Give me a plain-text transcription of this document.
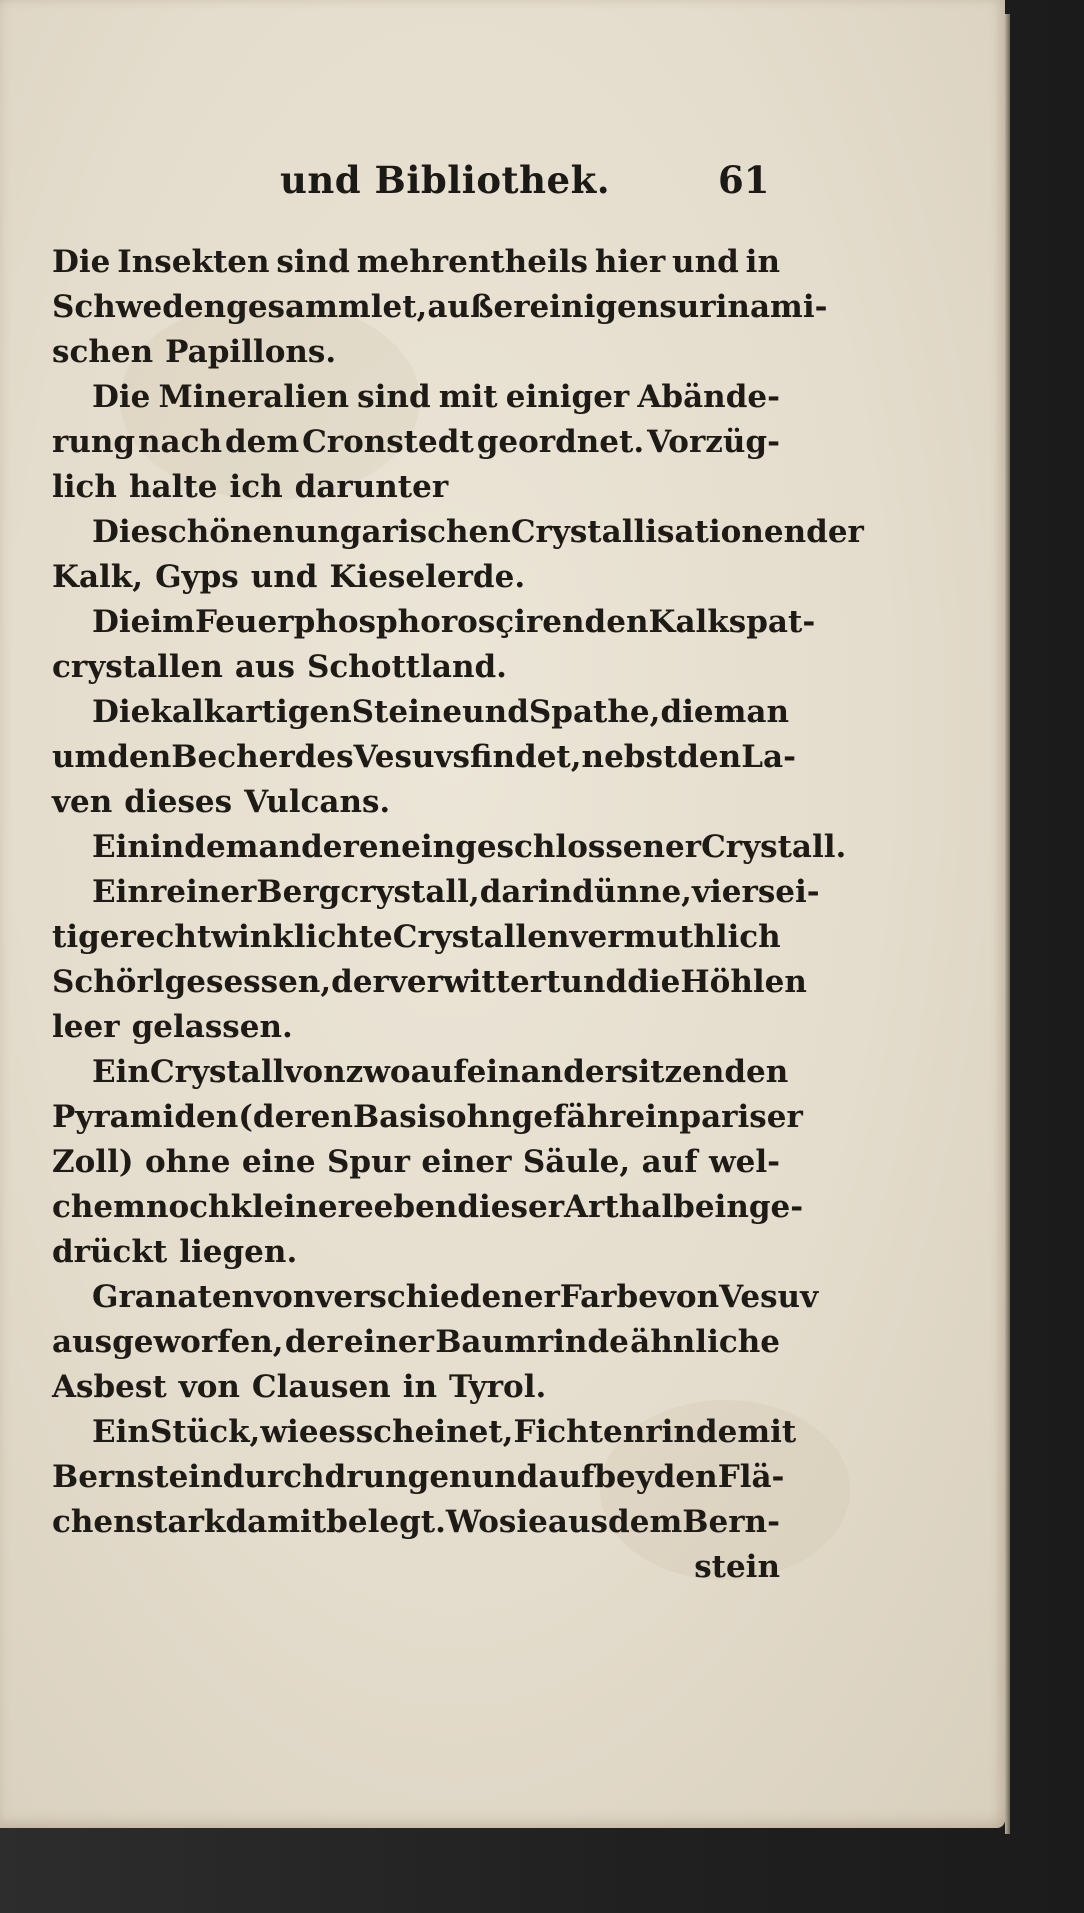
und Bibliothek.	61
Die Insekten sind mehrentheils hier und in
Schweden gesammlet, außer einigen surinami-
schen Papillons.
Die Mineralien sind mit einiger Abände-
rung nach dem Cronstedt geordnet. Vorzüg-
lich halte ich darunter
Die schönen ungarischen Crystallisationen der
Kalk, Gyps und Kieselerde.
Die im Feuer phosphorosçirenden Kalkspat-
crystallen aus Schottland.
Die kalkartigen Steine und Spathe, die man
um den Becher des Vesuvs findet, nebst den La-
ven dieses Vulcans.
Ein in dem anderen eingeschlossener Crystall.
Ein reiner Bergcrystall, darin dünne, vier sei-
tige rechtwinklichte Crystallen vermuthlich
Schörl gesessen, der verwittert und die Höhlen
leer gelassen.
Ein Crystall von zwo auf einander sitzenden
Pyramiden (deren Basis ohngefähr ein pariser
Zoll) ohne eine Spur einer Säule, auf wel-
chem noch kleinere eben dieser Art halb einge-
drückt liegen.
Granaten von verschiedener Farbe von Vesuv
ausgeworfen, der einer Baumrinde ähnliche
Asbest von Clausen in Tyrol.
Ein Stück, wie es scheinet, Fichtenrinde mit
Bernstein durchdrungen und auf beyden Flä-
chen stark damit belegt. Wo sie aus dem Bern-
stein
